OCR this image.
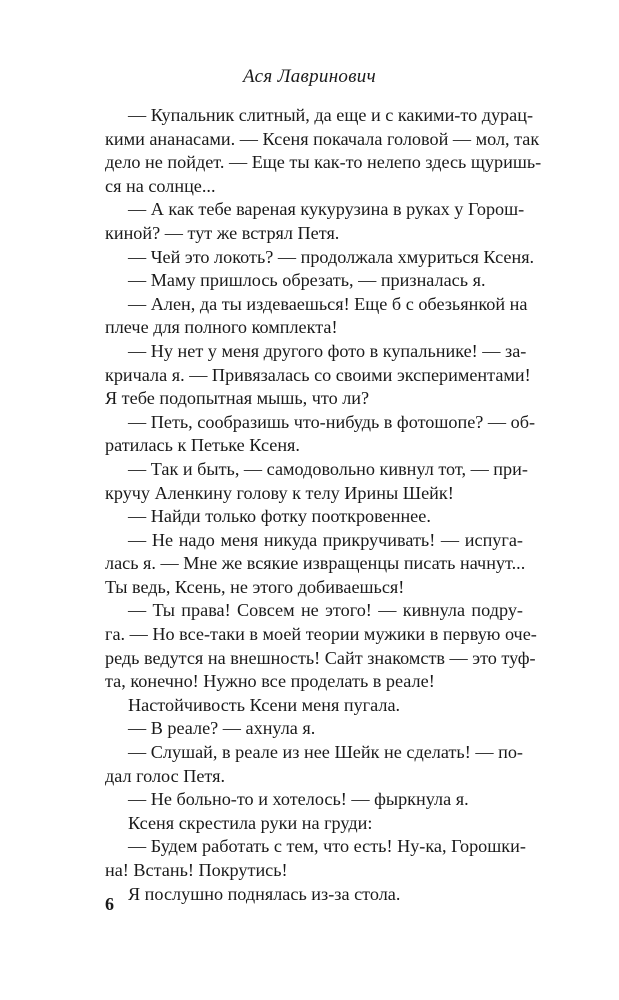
Ася Лавринович
— Купальник слитный, да еще и с какими-то дурац-
кими ананасами. — Ксеня покачала головой — мол, так
дело не пойдет. — Еще ты как-то нелепо здесь щуришь-
ся на солнце...
— А как тебе вареная кукурузина в руках у Горош-
киной? — тут же встрял Петя.
— Чей это локоть? — продолжала хмуриться Ксеня.
— Маму пришлось обрезать, — призналась я.
— Ален, да ты издеваешься! Еще б с обезьянкой на
плече для полного комплекта!
— Ну нет у меня другого фото в купальнике! — за-
кричала я. — Привязалась со своими экспериментами!
Я тебе подопытная мышь, что ли?
— Петь, сообразишь что-нибудь в фотошопе? — об-
ратилась к Петьке Ксеня.
— Так и быть, — самодовольно кивнул тот, — при-
кручу Аленкину голову к телу Ирины Шейк!
— Найди только фотку пооткровеннее.
— Не надо меня никуда прикручивать! — испуга-
лась я. — Мне же всякие извращенцы писать начнут...
Ты ведь, Ксень, не этого добиваешься!
— Ты права! Совсем не этого! — кивнула подру-
га. — Но все-таки в моей теории мужики в первую оче-
редь ведутся на внешность! Сайт знакомств — это туф-
та, конечно! Нужно все проделать в реале!
Настойчивость Ксени меня пугала.
— В реале? — ахнула я.
— Слушай, в реале из нее Шейк не сделать! — по-
дал голос Петя.
— Не больно-то и хотелось! — фыркнула я.
Ксеня скрестила руки на груди:
— Будем работать с тем, что есть! Ну-ка, Горошки-
на! Встань! Покрутись!
Я послушно поднялась из-за стола.
6
